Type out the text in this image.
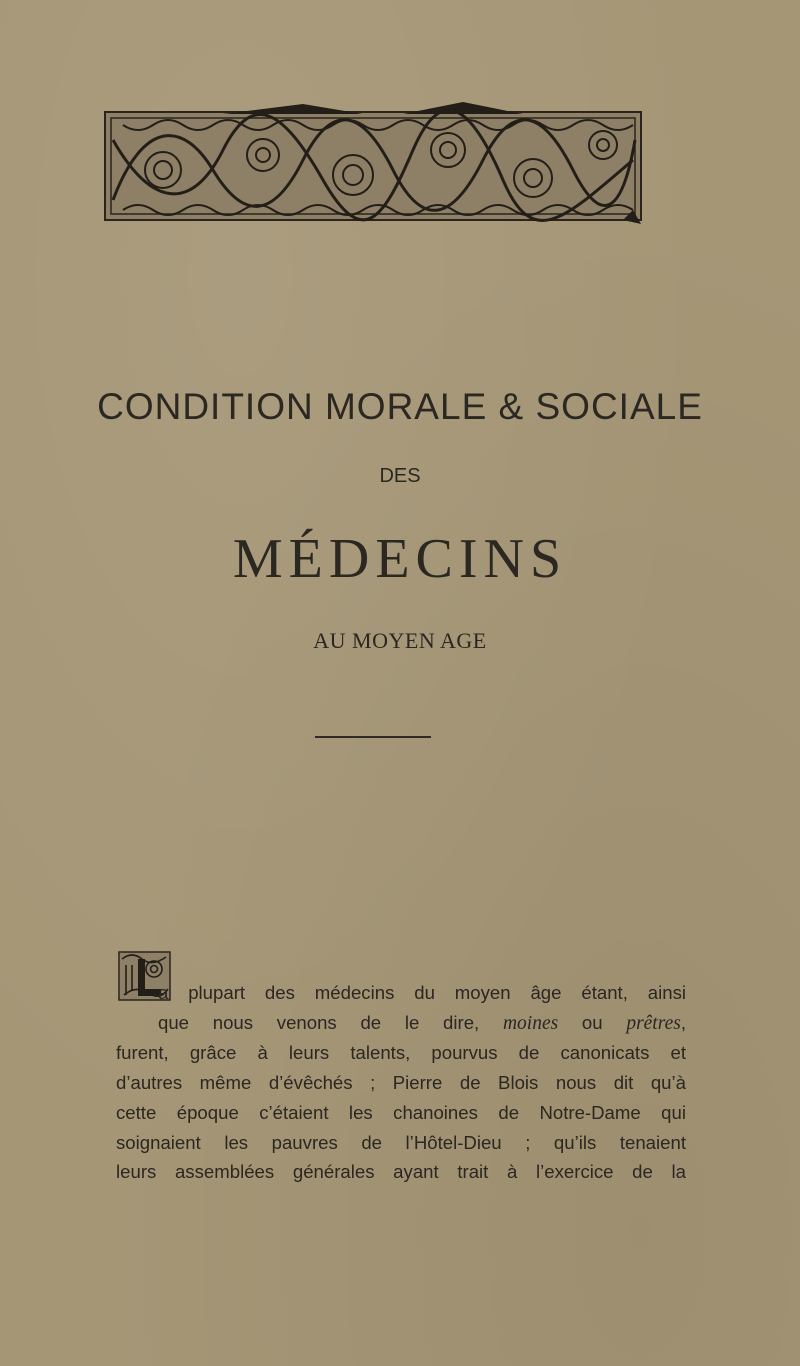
CONDITION MORALE & SOCIALE
DES
MÉDECINS
AU MOYEN AGE
a plupart des médecins du moyen âge étant, ainsi
que nous venons de le dire, moines ou prêtres,
furent, grâce à leurs talents, pourvus de canonicats et
d’autres même d’évêchés ; Pierre de Blois nous dit qu’à
cette époque c’étaient les chanoines de Notre-Dame qui
soignaient les pauvres de l’Hôtel-Dieu ; qu’ils tenaient
leurs assemblées générales ayant trait à l’exercice de la
